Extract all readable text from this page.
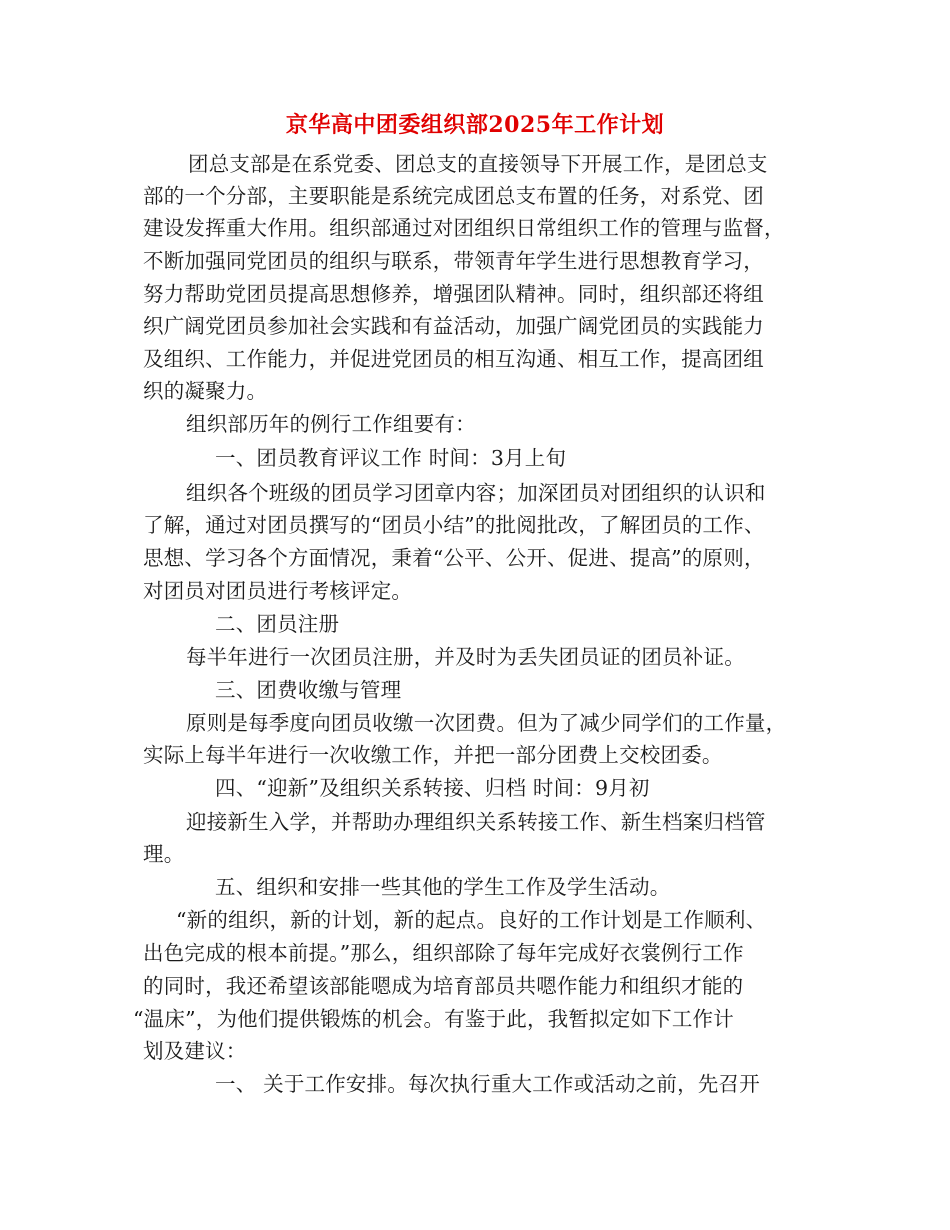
京华高中团委组织部2025年工作计划
团总支部是在系党委、团总支的直接领导下开展工作，是团总支
部的一个分部，主要职能是系统完成团总支布置的任务，对系党、团
建设发挥重大作用。组织部通过对团组织日常组织工作的管理与监督，
不断加强同党团员的组织与联系，带领青年学生进行思想教育学习，
努力帮助党团员提高思想修养，增强团队精神。同时，组织部还将组
织广阔党团员参加社会实践和有益活动，加强广阔党团员的实践能力
及组织、工作能力，并促进党团员的相互沟通、相互工作，提高团组
织的凝聚力。
组织部历年的例行工作组要有：
一、团员教育评议工作 时间：3月上旬
组织各个班级的团员学习团章内容；加深团员对团组织的认识和
了解，通过对团员撰写的“团员小结”的批阅批改，了解团员的工作、
思想、学习各个方面情况，秉着“公平、公开、促进、提高”的原则，
对团员对团员进行考核评定。
二、团员注册
每半年进行一次团员注册，并及时为丢失团员证的团员补证。
三、团费收缴与管理
原则是每季度向团员收缴一次团费。但为了减少同学们的工作量，
实际上每半年进行一次收缴工作，并把一部分团费上交校团委。
四、“迎新”及组织关系转接、归档 时间：9月初
迎接新生入学，并帮助办理组织关系转接工作、新生档案归档管
理。
五、组织和安排一些其他的学生工作及学生活动。
“新的组织，新的计划，新的起点。良好的工作计划是工作顺利、
出色完成的根本前提。”那么，组织部除了每年完成好衣裳例行工作
的同时，我还希望该部能嗯成为培育部员共嗯作能力和组织才能的
“温床”，为他们提供锻炼的机会。有鉴于此，我暂拟定如下工作计
划及建议：
一、 关于工作安排。每次执行重大工作或活动之前，先召开
